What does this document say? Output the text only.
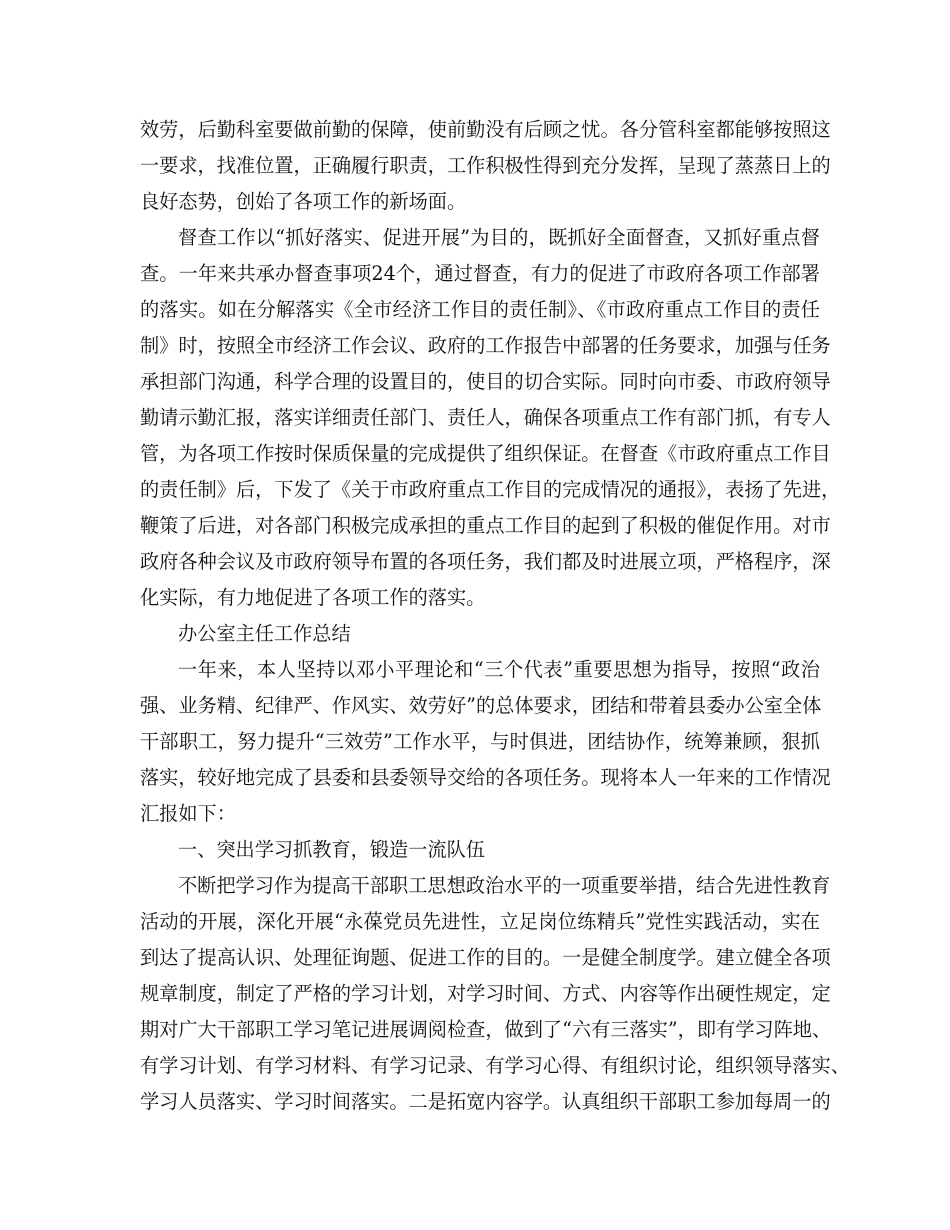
效劳，后勤科室要做前勤的保障，使前勤没有后顾之忧。各分管科室都能够按照这
一要求，找准位置，正确履行职责，工作积极性得到充分发挥，呈现了蒸蒸日上的
良好态势，创始了各项工作的新场面。
督查工作以“抓好落实、促进开展”为目的，既抓好全面督查，又抓好重点督
查。一年来共承办督查事项24个，通过督查，有力的促进了市政府各项工作部署
的落实。如在分解落实《全市经济工作目的责任制》、《市政府重点工作目的责任
制》时，按照全市经济工作会议、政府的工作报告中部署的任务要求，加强与任务
承担部门沟通，科学合理的设置目的，使目的切合实际。同时向市委、市政府领导
勤请示勤汇报，落实详细责任部门、责任人，确保各项重点工作有部门抓，有专人
管，为各项工作按时保质保量的完成提供了组织保证。在督查《市政府重点工作目
的责任制》后，下发了《关于市政府重点工作目的完成情况的通报》，表扬了先进，
鞭策了后进，对各部门积极完成承担的重点工作目的起到了积极的催促作用。对市
政府各种会议及市政府领导布置的各项任务，我们都及时进展立项，严格程序，深
化实际，有力地促进了各项工作的落实。
办公室主任工作总结
一年来，本人坚持以邓小平理论和“三个代表”重要思想为指导，按照“政治
强、业务精、纪律严、作风实、效劳好”的总体要求，团结和带着县委办公室全体
干部职工，努力提升“三效劳”工作水平，与时俱进，团结协作，统筹兼顾，狠抓
落实，较好地完成了县委和县委领导交给的各项任务。现将本人一年来的工作情况
汇报如下：
一、突出学习抓教育，锻造一流队伍
不断把学习作为提高干部职工思想政治水平的一项重要举措，结合先进性教育
活动的开展，深化开展“永葆党员先进性，立足岗位练精兵”党性实践活动，实在
到达了提高认识、处理征询题、促进工作的目的。一是健全制度学。建立健全各项
规章制度，制定了严格的学习计划，对学习时间、方式、内容等作出硬性规定，定
期对广大干部职工学习笔记进展调阅检查，做到了“六有三落实”，即有学习阵地、
有学习计划、有学习材料、有学习记录、有学习心得、有组织讨论，组织领导落实、
学习人员落实、学习时间落实。二是拓宽内容学。认真组织干部职工参加每周一的
